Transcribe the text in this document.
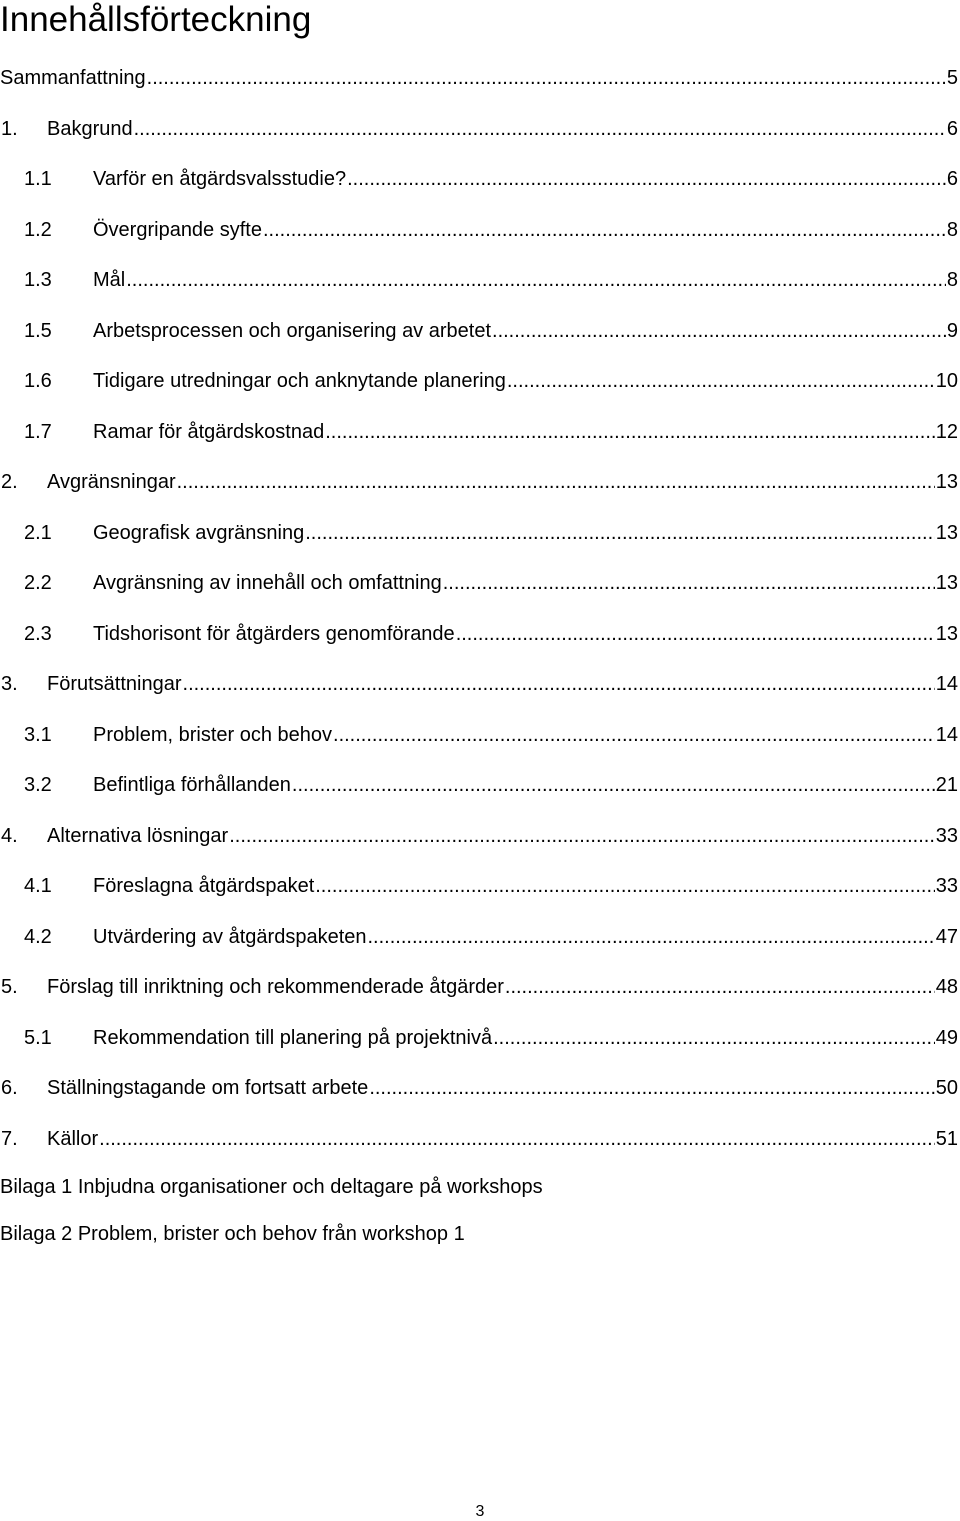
Innehållsförteckning
Sammanfattning .....	5
1.	Bakgrund .....	6
1.1	Varför en åtgärdsvalsstudie? .....	6
1.2	Övergripande syfte .....	8
1.3	Mål .....	8
1.5	Arbetsprocessen och organisering av arbetet .....	9
1.6	Tidigare utredningar och anknytande planering .....	10
1.7	Ramar för åtgärdskostnad .....	12
2.	Avgränsningar .....	13
2.1	Geografisk avgränsning .....	13
2.2	Avgränsning av innehåll och omfattning .....	13
2.3	Tidshorisont för åtgärders genomförande .....	13
3.	Förutsättningar .....	14
3.1	Problem, brister och behov .....	14
3.2	Befintliga förhållanden .....	21
4.	Alternativa lösningar .....	33
4.1	Föreslagna åtgärdspaket .....	33
4.2	Utvärdering av åtgärdspaketen .....	47
5.	Förslag till inriktning och rekommenderade åtgärder .....	48
5.1	Rekommendation till planering på projektnivå .....	49
6.	Ställningstagande om fortsatt arbete .....	50
7.	Källor .....	51
Bilaga 1 Inbjudna organisationer och deltagare på workshops
Bilaga 2 Problem, brister och behov från workshop 1
3
